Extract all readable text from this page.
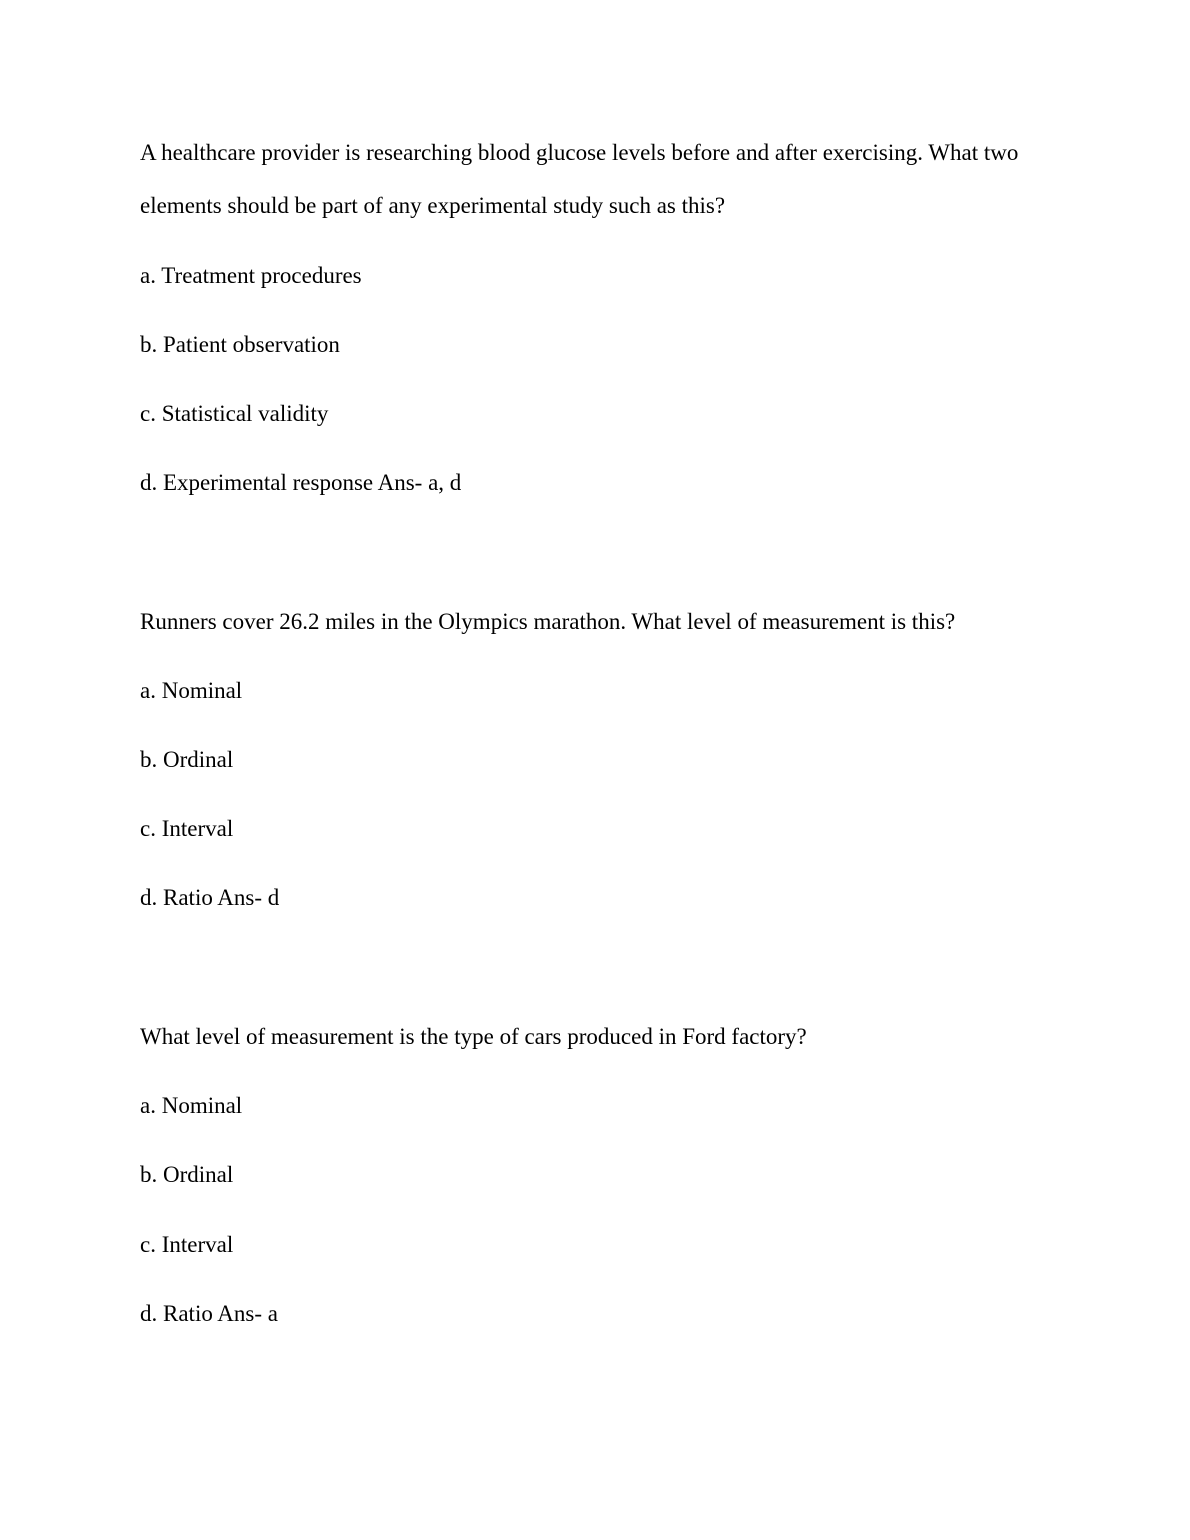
A healthcare provider is researching blood glucose levels before and after exercising. What two
elements should be part of any experimental study such as this?
a. Treatment procedures
b. Patient observation
c. Statistical validity
d. Experimental response Ans- a, d
Runners cover 26.2 miles in the Olympics marathon. What level of measurement is this?
a. Nominal
b. Ordinal
c. Interval
d. Ratio Ans- d
What level of measurement is the type of cars produced in Ford factory?
a. Nominal
b. Ordinal
c. Interval
d. Ratio Ans- a
